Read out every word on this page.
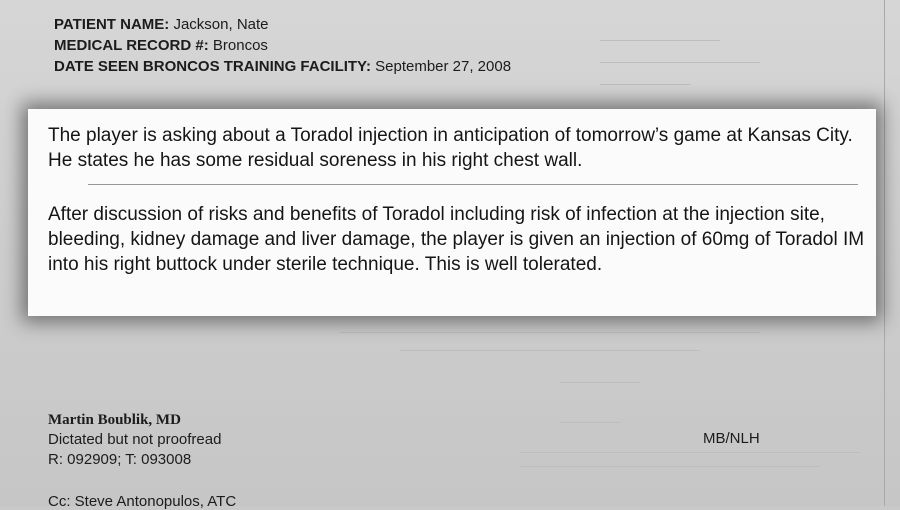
PATIENT NAME: Jackson, Nate
MEDICAL RECORD #: Broncos
DATE SEEN BRONCOS TRAINING FACILITY: September 27, 2008

The player is asking about a Toradol injection in anticipation of tomorrow’s game at Kansas City. He states he has some residual soreness in his right chest wall.

After discussion of risks and benefits of Toradol including risk of infection at the injection site, bleeding, kidney damage and liver damage, the player is given an injection of 60mg of Toradol IM into his right buttock under sterile technique. This is well tolerated.

Martin Boublik, MD
Dictated but not proofread
R: 092909; T: 093008
MB/NLH
Cc: Steve Antonopulos, ATC
